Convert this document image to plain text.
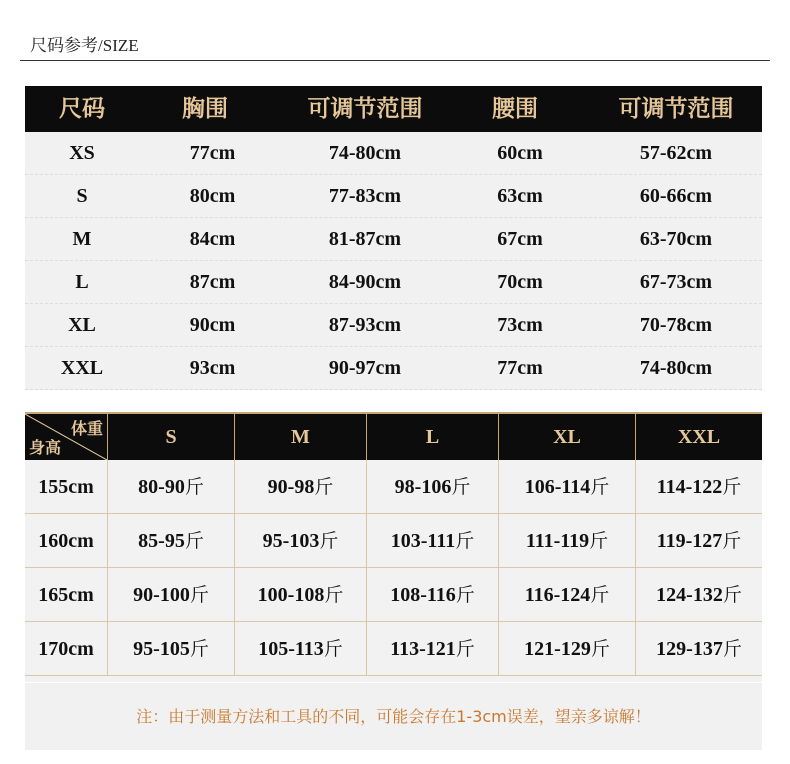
尺码参考/SIZE
尺码	胸围	可调节范围	腰围	可调节范围
XS	77cm	74-80cm	60cm	57-62cm
S	80cm	77-83cm	63cm	60-66cm
M	84cm	81-87cm	67cm	63-70cm
L	87cm	84-90cm	70cm	67-73cm
XL	90cm	87-93cm	73cm	70-78cm
XXL	93cm	90-97cm	77cm	74-80cm
体重
身高	S	M	L	XL	XXL
155cm	80-90斤	90-98斤	98-106斤	106-114斤	114-122斤
160cm	85-95斤	95-103斤	103-111斤	111-119斤	119-127斤
165cm	90-100斤	100-108斤	108-116斤	116-124斤	124-132斤
170cm	95-105斤	105-113斤	113-121斤	121-129斤	129-137斤
注：由于测量方法和工具的不同，可能会存在1-3cm误差，望亲多谅解！
